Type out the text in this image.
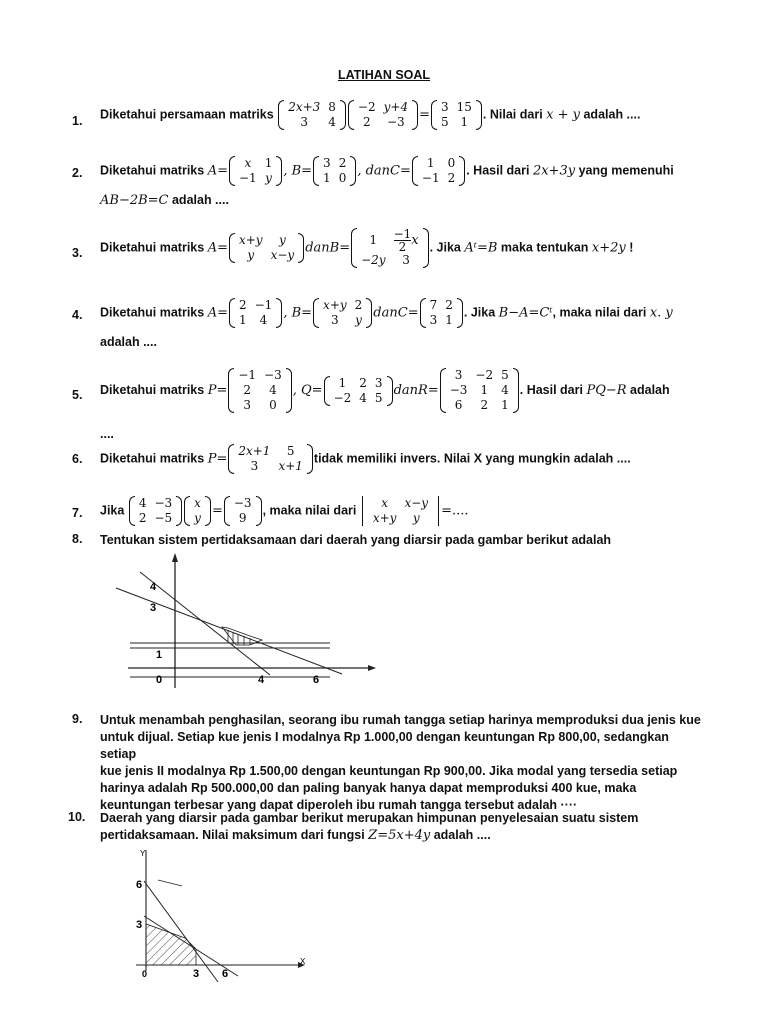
LATIHAN SOAL
1. Diketahui persamaan matriks
2x+3	8
3	4
−2	y+4
2	−3 =
3	15
5	1
. Nilai dari x + y adalah ....
2. Diketahui matriks A=
x	1
−1	y , B=
3	2
1	0 , danC=
1	0
−1	2
. Hasil dari 2x+3y yang memenuhi
AB−2B=C adalah ....
3. Diketahui matriks A=
x+y	y
y	x−y danB=
1	$\frac{-1}{2}$ x
−2y	3
. Jika Aᵗ=B maka tentukan x+2y !
4. Diketahui matriks A=
2	−1
1	4 , B=
x+y	2
3	y danC=
7	2
3	1
. Jika B−A=Cᵗ, maka nilai dari x. y
adalah ....
5. Diketahui matriks P=
−1	−3
2	4
3	0
, Q=
1	2	3
−2	4	5 danR=
3	−2	5
−3	1	4
6	2	1
. Hasil dari PQ−R adalah
....
6. Diketahui matriks P=
2x+1	5
3	x+1
tidak memiliki invers. Nilai X yang mungkin adalah ....
7. Jika
4	−3
2	−5
x
y =
−3
9
, maka nilai dari
x	x−y
x+y	y =....
8. Tentukan sistem pertidaksamaan dari daerah yang diarsir pada gambar berikut adalah
4
3
1
0	4	6
9. Untuk menambah penghasilan, seorang ibu rumah tangga setiap harinya memproduksi dua jenis kue
untuk dijual. Setiap kue jenis I modalnya Rp 1.000,00 dengan keuntungan Rp 800,00, sedangkan setiap
kue jenis II modalnya Rp 1.500,00 dengan keuntungan Rp 900,00. Jika modal yang tersedia setiap
harinya adalah Rp 500.000,00 dan paling banyak hanya dapat memproduksi 400 kue, maka
keuntungan terbesar yang dapat diperoleh ibu rumah tangga tersebut adalah ····
10. Daerah yang diarsir pada gambar berikut merupakan himpunan penyelesaian suatu sistem
pertidaksamaan. Nilai maksimum dari fungsi Z=5x+4y adalah ....
Y
X
6
3
0	3 6
